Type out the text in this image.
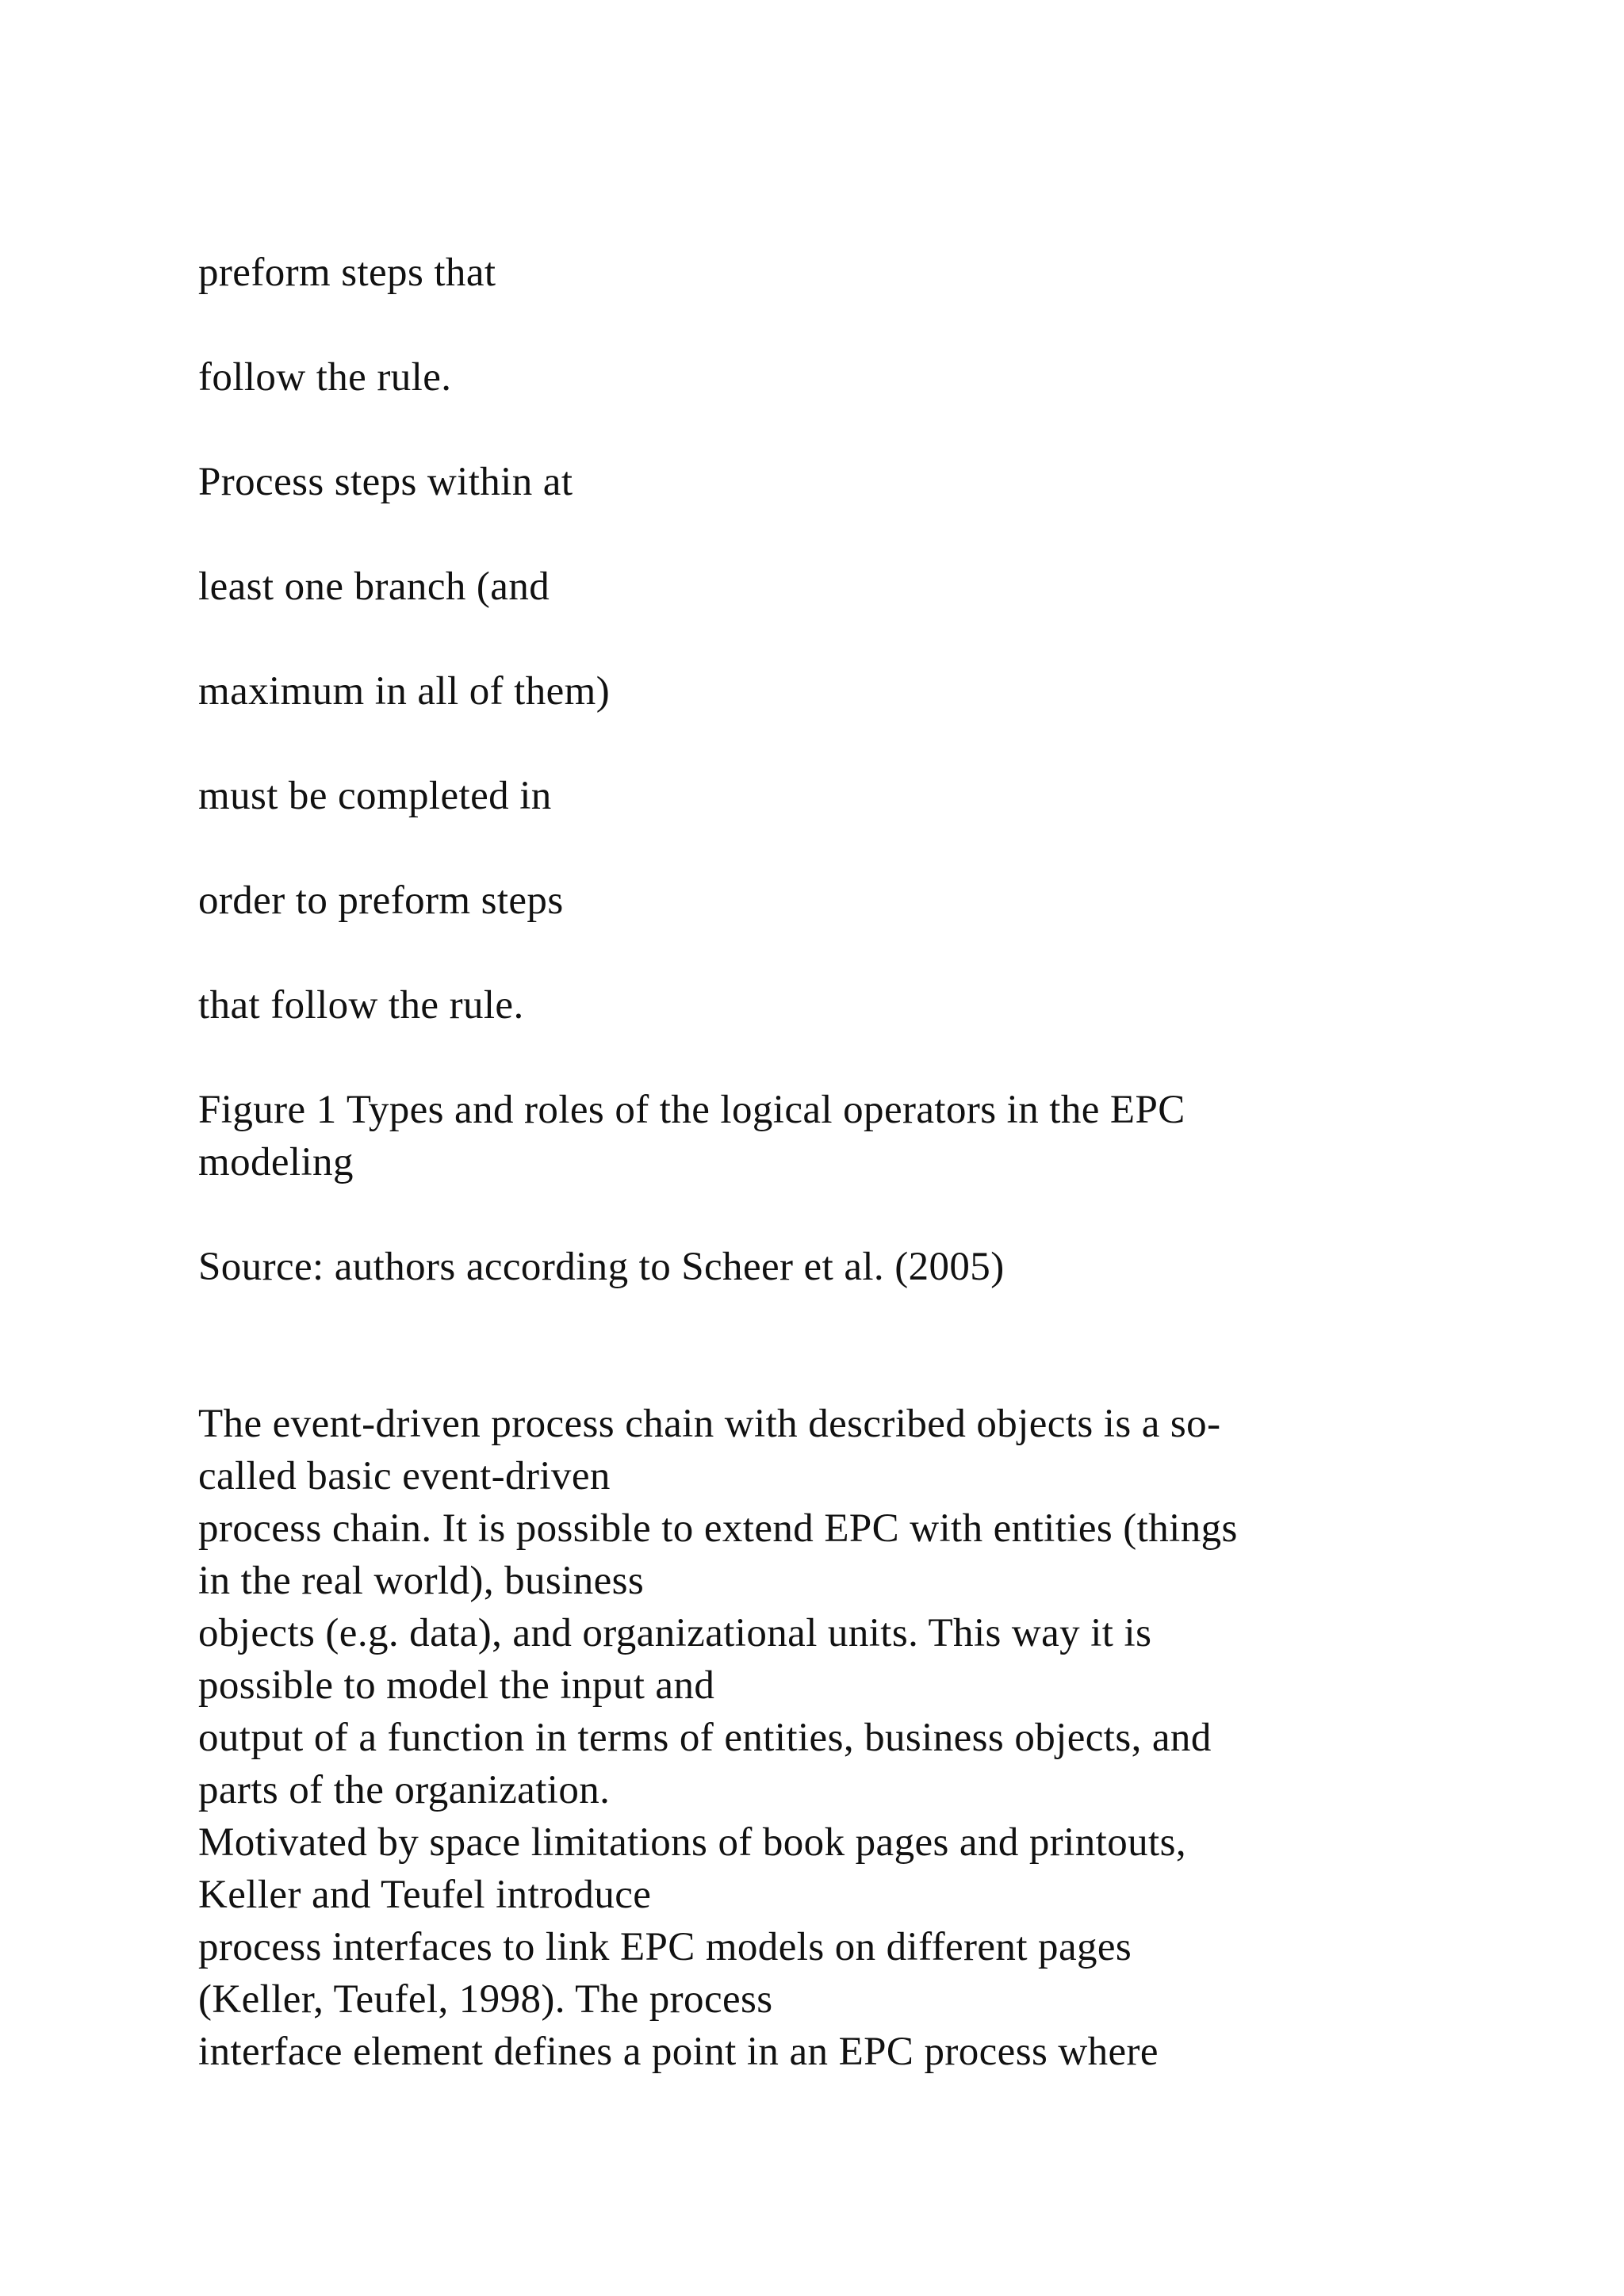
preform steps that
follow the rule.
Process steps within at
least one branch (and
maximum in all of them)
must be completed in
order to preform steps
that follow the rule.
Figure 1 Types and roles of the logical operators in the EPC
modeling
Source: authors according to Scheer et al. (2005)
The event-driven process chain with described objects is a so-
called basic event-driven
process chain. It is possible to extend EPC with entities (things
in the real world), business
objects (e.g. data), and organizational units. This way it is
possible to model the input and
output of a function in terms of entities, business objects, and
parts of the organization.
Motivated by space limitations of book pages and printouts,
Keller and Teufel introduce
process interfaces to link EPC models on different pages
(Keller, Teufel, 1998). The process
interface element defines a point in an EPC process where
